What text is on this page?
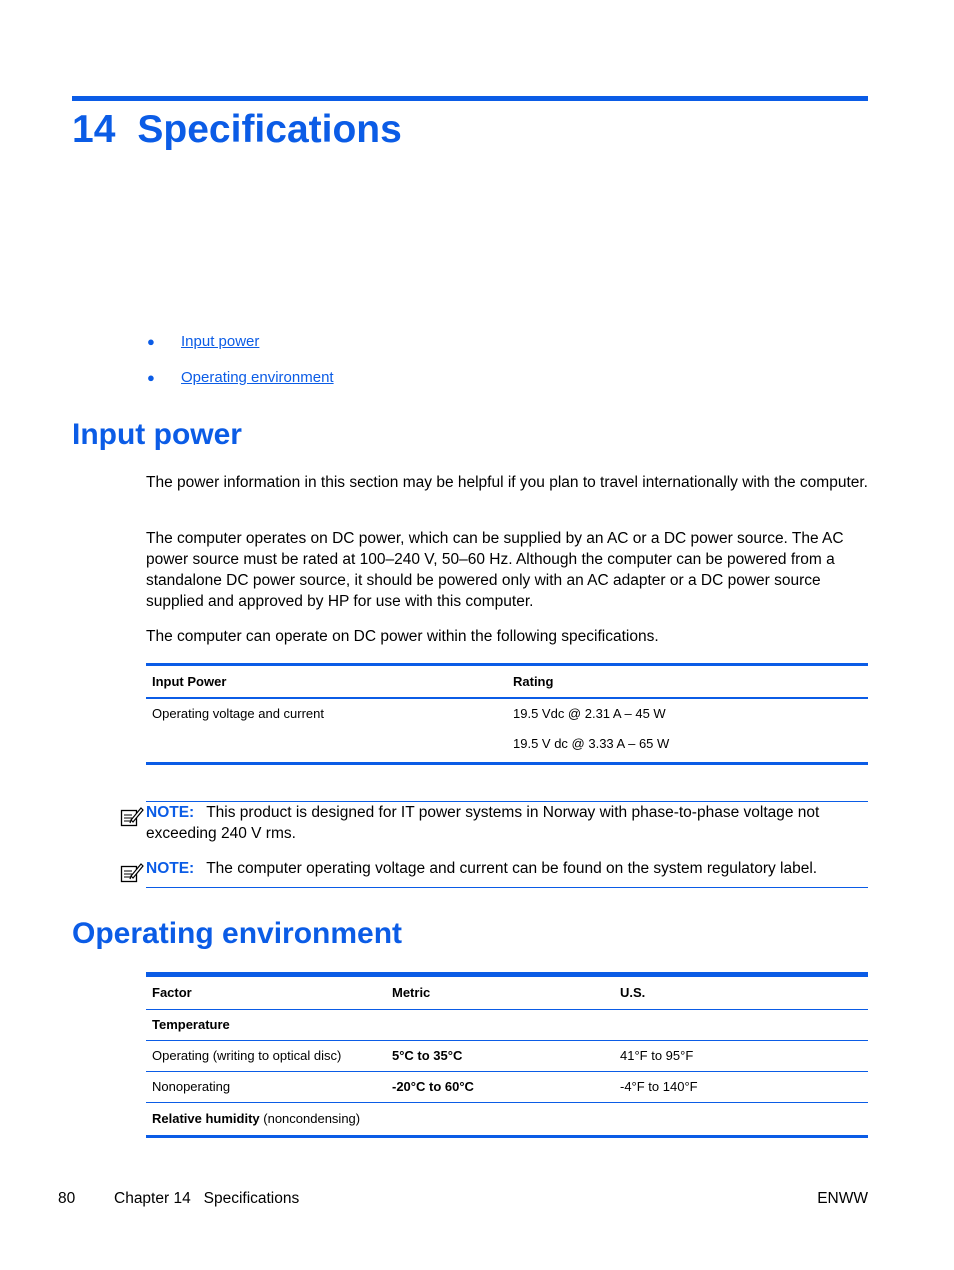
14 Specifications
● Input power
● Operating environment
Input power
The power information in this section may be helpful if you plan to travel internationally with the computer.
The computer operates on DC power, which can be supplied by an AC or a DC power source. The AC power source must be rated at 100–240 V, 50–60 Hz. Although the computer can be powered from a standalone DC power source, it should be powered only with an AC adapter or a DC power source supplied and approved by HP for use with this computer.
The computer can operate on DC power within the following specifications.
Input Power	Rating
Operating voltage and current	19.5 Vdc @ 2.31 A – 45 W
	19.5 V dc @ 3.33 A – 65 W
NOTE: This product is designed for IT power systems in Norway with phase-to-phase voltage not exceeding 240 V rms.
NOTE: The computer operating voltage and current can be found on the system regulatory label.
Operating environment
Factor	Metric	U.S.
Temperature		
Operating (writing to optical disc)	5°C to 35°C	41°F to 95°F
Nonoperating	-20°C to 60°C	-4°F to 140°F
Relative humidity (noncondensing)		
80	Chapter 14   Specifications	ENWW
